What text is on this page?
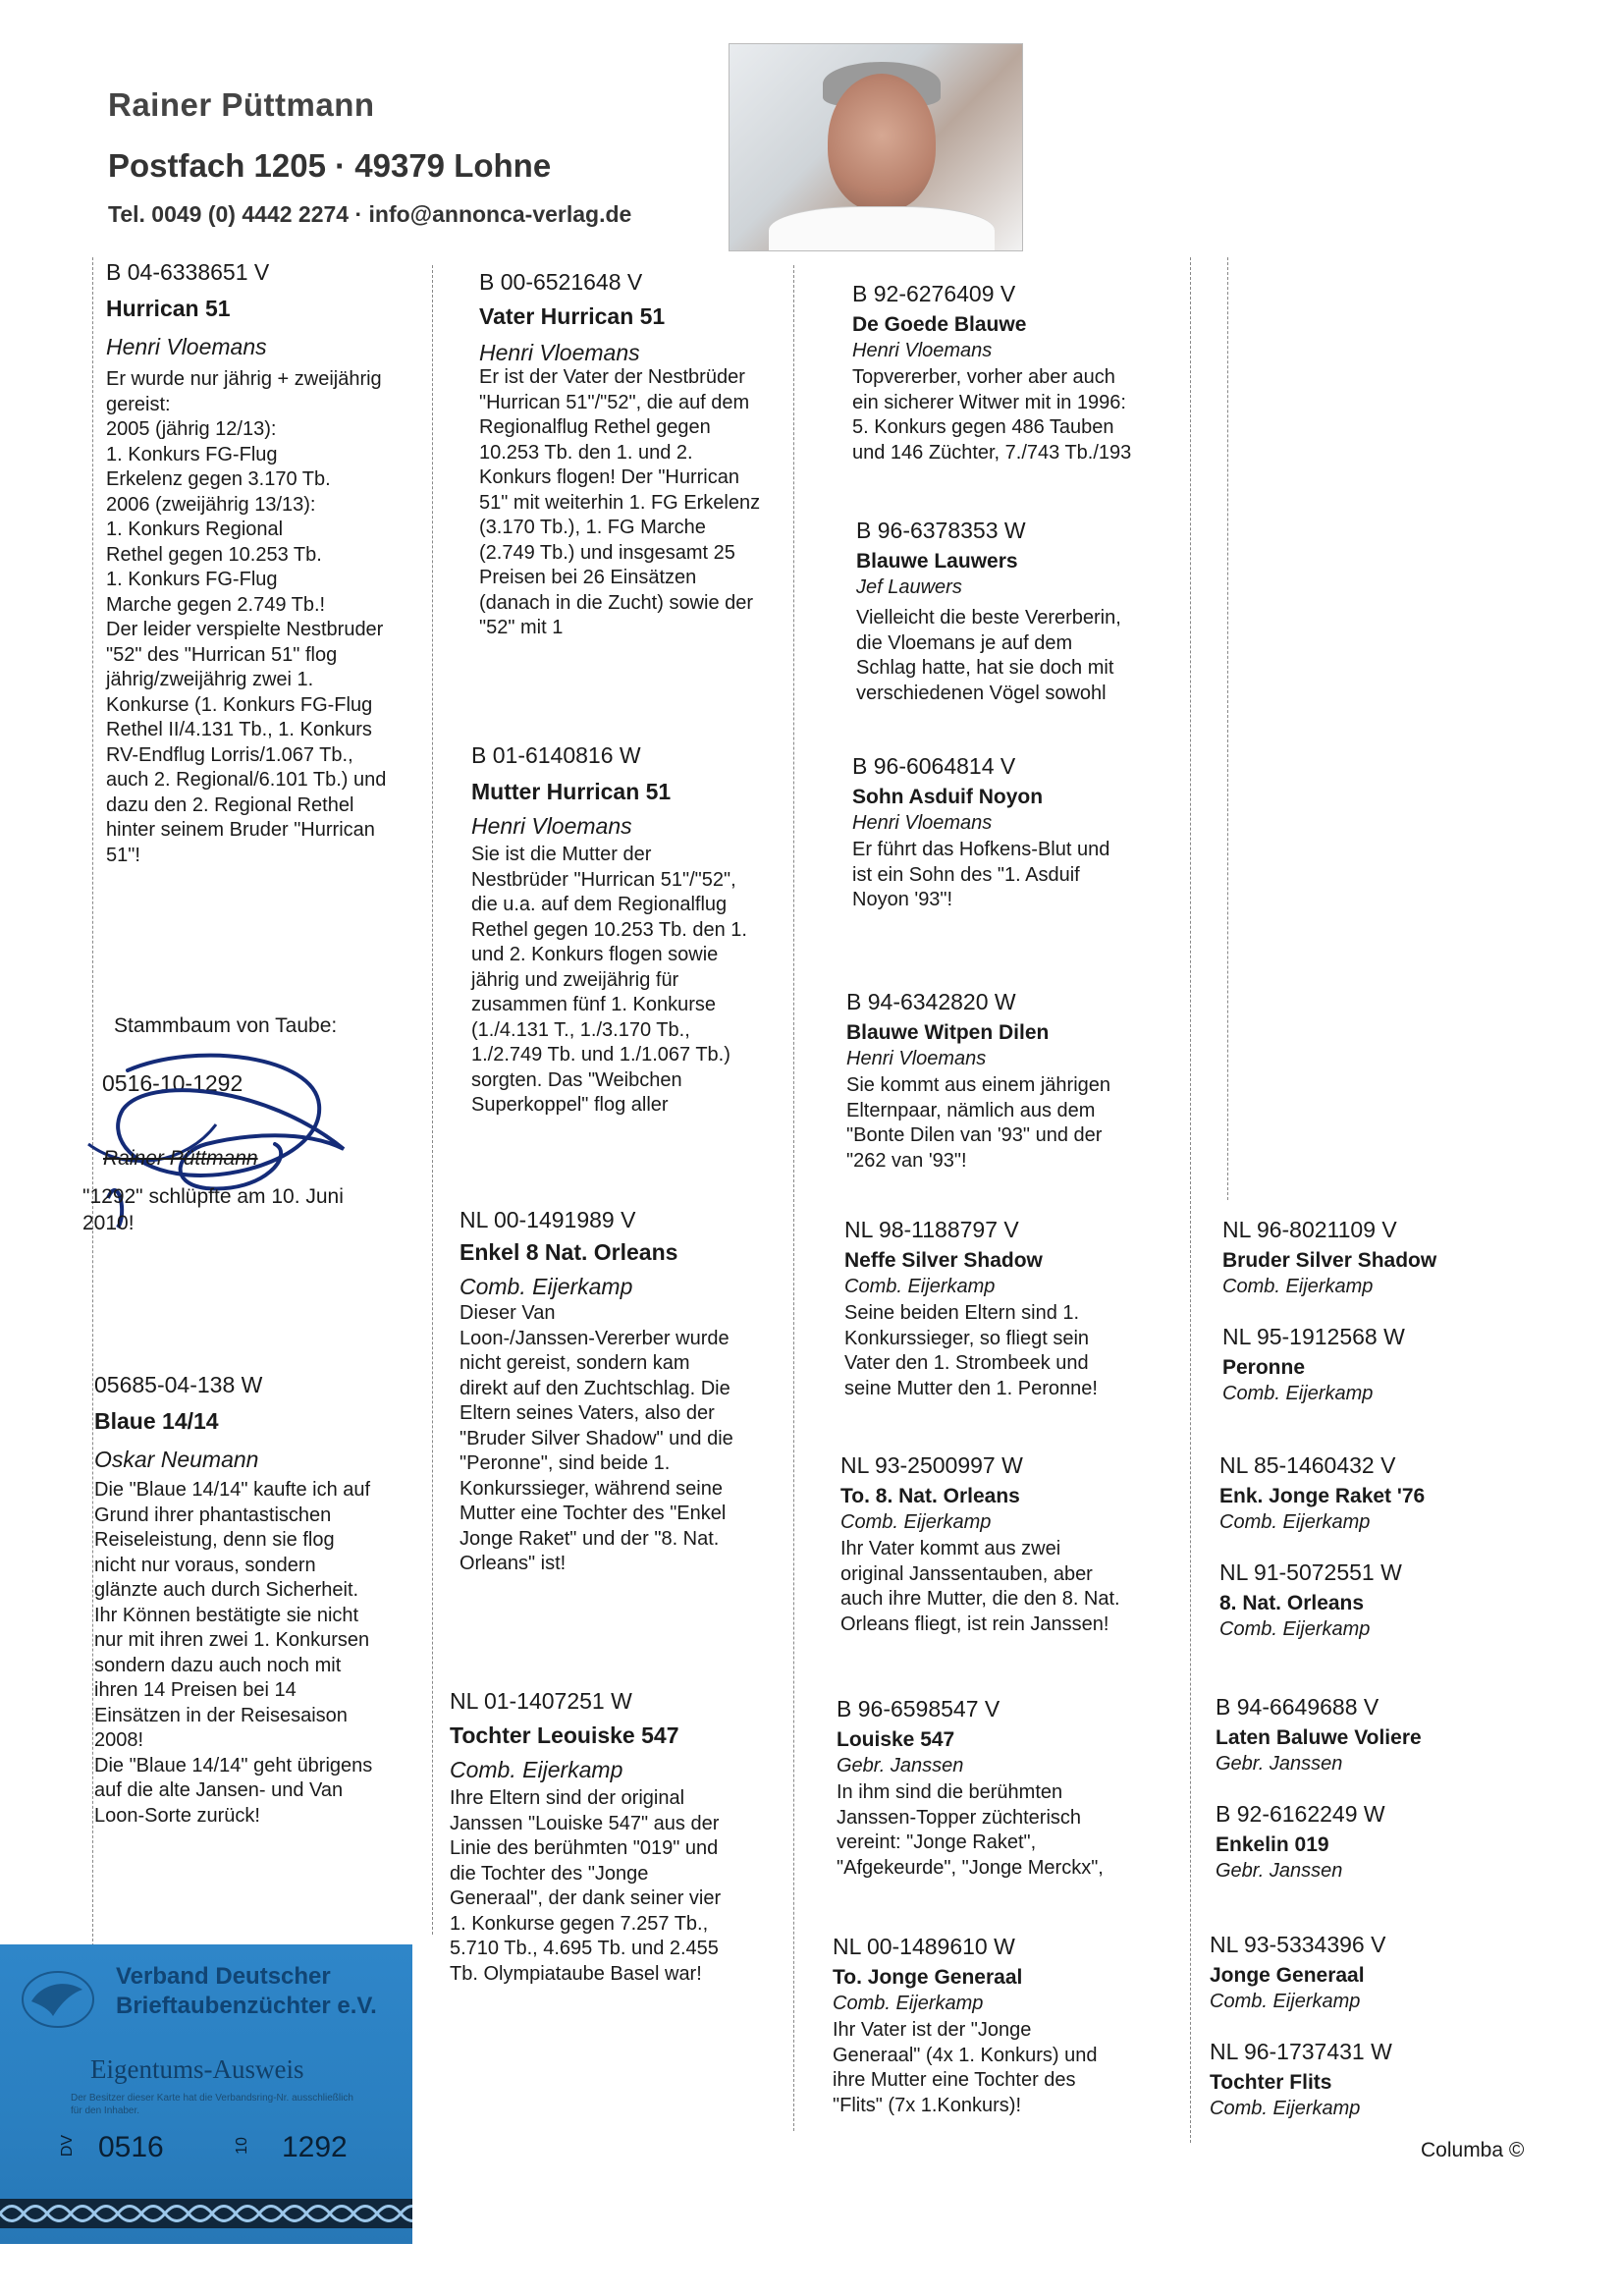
Rainer Püttmann
Postfach 1205 · 49379 Lohne
Tel. 0049 (0) 4442 2274 · info@annonca-verlag.de
B 04-6338651 V
Hurrican 51
Henri Vloemans
Er wurde nur jährig + zweijährig
gereist:
2005 (jährig 12/13):
1. Konkurs FG-Flug
Erkelenz gegen 3.170 Tb.
2006 (zweijährig 13/13):
1. Konkurs Regional
Rethel gegen 10.253 Tb.
1. Konkurs FG-Flug
Marche gegen 2.749 Tb.!
Der leider verspielte Nestbruder
"52" des "Hurrican 51" flog
jährig/zweijährig zwei 1.
Konkurse (1. Konkurs FG-Flug
Rethel II/4.131 Tb., 1. Konkurs
RV-Endflug Lorris/1.067 Tb.,
auch 2. Regional/6.101 Tb.) und
dazu den 2. Regional Rethel
hinter seinem Bruder "Hurrican
51"!
Stammbaum von Taube:
0516-10-1292
Rainer Püttmann
"1292" schlüpfte am 10. Juni
2010!
05685-04-138 W
Blaue 14/14
Oskar Neumann
Die "Blaue 14/14" kaufte ich auf
Grund ihrer phantastischen
Reiseleistung, denn sie flog
nicht nur voraus, sondern
glänzte auch durch Sicherheit.
Ihr Können bestätigte sie nicht
nur mit ihren zwei 1. Konkursen
sondern dazu auch noch mit
ihren 14 Preisen bei 14
Einsätzen in der Reisesaison
2008!
Die "Blaue 14/14" geht übrigens
auf die alte Jansen- und Van
Loon-Sorte zurück!
B 00-6521648 V
Vater Hurrican 51
Henri Vloemans
Er ist der Vater der Nestbrüder
"Hurrican 51"/"52", die auf dem
Regionalflug Rethel gegen
10.253 Tb. den 1. und 2.
Konkurs flogen! Der "Hurrican
51" mit weiterhin 1. FG Erkelenz
(3.170 Tb.), 1. FG Marche
(2.749 Tb.) und insgesamt 25
Preisen bei 26 Einsätzen
(danach in die Zucht) sowie der
"52" mit 1
B 01-6140816 W
Mutter Hurrican 51
Henri Vloemans
Sie ist die Mutter der
Nestbrüder "Hurrican 51"/"52",
die u.a. auf dem Regionalflug
Rethel gegen 10.253 Tb. den 1.
und 2. Konkurs flogen sowie
jährig und zweijährig für
zusammen fünf 1. Konkurse
(1./4.131 T., 1./3.170 Tb.,
1./2.749 Tb. und 1./1.067 Tb.)
sorgten. Das "Weibchen
Superkoppel" flog aller
NL 00-1491989 V
Enkel 8 Nat. Orleans
Comb. Eijerkamp
Dieser Van
Loon-/Janssen-Vererber wurde
nicht gereist, sondern kam
direkt auf den Zuchtschlag. Die
Eltern seines Vaters, also der
"Bruder Silver Shadow" und die
"Peronne", sind beide 1.
Konkurssieger, während seine
Mutter eine Tochter des "Enkel
Jonge Raket" und der "8. Nat.
Orleans" ist!
NL 01-1407251 W
Tochter Leouiske 547
Comb. Eijerkamp
Ihre Eltern sind der original
Janssen "Louiske 547" aus der
Linie des berühmten "019" und
die Tochter des "Jonge
Generaal", der dank seiner vier
1. Konkurse gegen 7.257 Tb.,
5.710 Tb., 4.695 Tb. und 2.455
Tb. Olympiataube Basel war!
B 92-6276409 V
De Goede Blauwe
Henri Vloemans
Topvererber, vorher aber auch
ein sicherer Witwer mit in 1996:
5. Konkurs gegen 486 Tauben
und 146 Züchter, 7./743 Tb./193
B 96-6378353 W
Blauwe Lauwers
Jef Lauwers
Vielleicht die beste Vererberin,
die Vloemans je auf dem
Schlag hatte, hat sie doch mit
verschiedenen Vögel sowohl
B 96-6064814 V
Sohn Asduif Noyon
Henri Vloemans
Er führt das Hofkens-Blut und
ist ein Sohn des "1. Asduif
Noyon '93"!
B 94-6342820 W
Blauwe Witpen Dilen
Henri Vloemans
Sie kommt aus einem jährigen
Elternpaar, nämlich aus dem
"Bonte Dilen van '93" und der
"262 van '93"!
NL 98-1188797 V
Neffe Silver Shadow
Comb. Eijerkamp
Seine beiden Eltern sind 1.
Konkurssieger, so fliegt sein
Vater den 1. Strombeek und
seine Mutter den 1. Peronne!
NL 93-2500997 W
To. 8. Nat. Orleans
Comb. Eijerkamp
Ihr Vater kommt aus zwei
original Janssentauben, aber
auch ihre Mutter, die den 8. Nat.
Orleans fliegt, ist rein Janssen!
B 96-6598547 V
Louiske 547
Gebr. Janssen
In ihm sind die berühmten
Janssen-Topper züchterisch
vereint: "Jonge Raket",
"Afgekeurde", "Jonge Merckx",
NL 00-1489610 W
To. Jonge Generaal
Comb. Eijerkamp
Ihr Vater ist der "Jonge
Generaal" (4x 1. Konkurs) und
ihre Mutter eine Tochter des
"Flits" (7x 1.Konkurs)!
NL 96-8021109 V
Bruder Silver Shadow
Comb. Eijerkamp
NL 95-1912568 W
Peronne
Comb. Eijerkamp
NL 85-1460432 V
Enk. Jonge Raket '76
Comb. Eijerkamp
NL 91-5072551 W
8. Nat. Orleans
Comb. Eijerkamp
B 94-6649688 V
Laten Baluwe Voliere
Gebr. Janssen
B 92-6162249 W
Enkelin 019
Gebr. Janssen
NL 93-5334396 V
Jonge Generaal
Comb. Eijerkamp
NL 96-1737431 W
Tochter Flits
Comb. Eijerkamp
Verband Deutscher
Brieftaubenzüchter e.V.
Eigentums-Ausweis
Der Besitzer dieser Karte hat die Verbandsring-Nr. ausschließlich für den Inhaber.
DV 0516	10 1292	Columba ©
